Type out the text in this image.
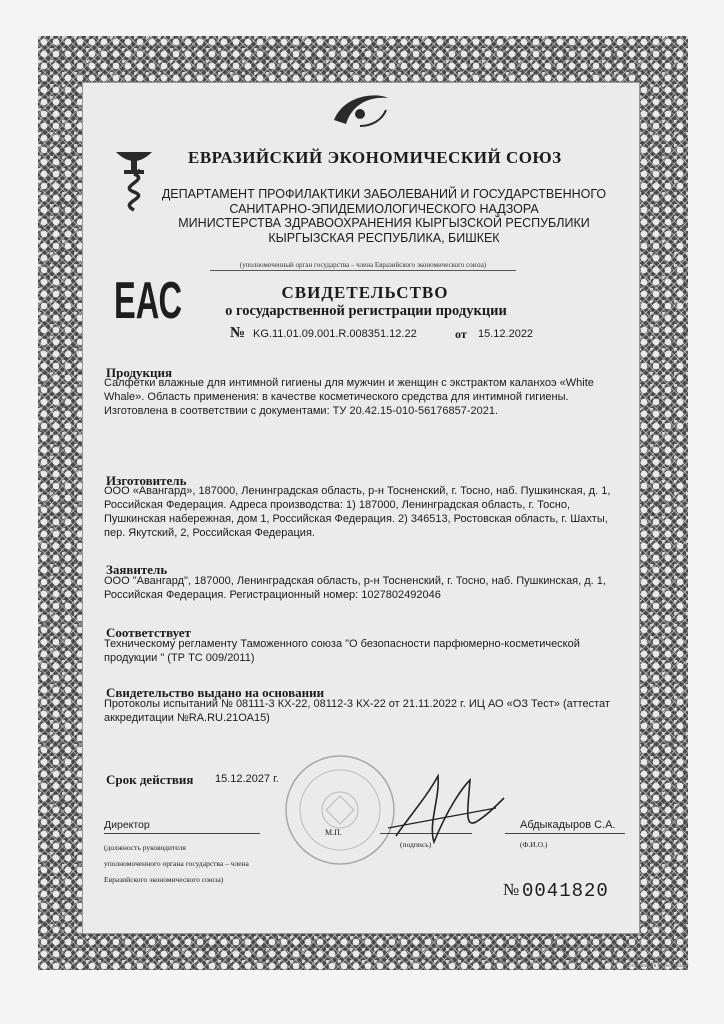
ЕВРАЗИЙСКИЙ ЭКОНОМИЧЕСКИЙ СОЮЗ
ДЕПАРТАМЕНТ ПРОФИЛАКТИКИ ЗАБОЛЕВАНИЙ И ГОСУДАРСТВЕННОГО
САНИТАРНО-ЭПИДЕМИОЛОГИЧЕСКОГО НАДЗОРА
МИНИСТЕРСТВА ЗДРАВООХРАНЕНИЯ КЫРГЫЗСКОЙ РЕСПУБЛИКИ
КЫРГЫЗСКАЯ РЕСПУБЛИКА, БИШКЕК
(уполномоченный орган государства – члена Евразийского экономического союза)
ЕАС	СВИДЕТЕЛЬСТВО
о государственной регистрации продукции
№ KG.11.01.09.001.R.008351.12.22	от 15.12.2022
Продукция
Салфетки влажные для интимной гигиены для мужчин и женщин с экстрактом каланхоэ «White Whale». Область применения: в качестве косметического средства для интимной гигиены. Изготовлена в соответствии с документами: ТУ 20.42.15-010-56176857-2021.
Изготовитель
ООО «Авангард», 187000, Ленинградская область, р-н Тосненский, г. Тосно, наб. Пушкинская, д. 1, Российская Федерация. Адреса производства: 1) 187000, Ленинградская область, г. Тосно, Пушкинская набережная, дом 1, Российская Федерация. 2) 346513, Ростовская область, г. Шахты, пер. Якутский, 2, Российская Федерация.
Заявитель
ООО "Авангард", 187000, Ленинградская область, р-н Тосненский, г. Тосно, наб. Пушкинская, д. 1, Российская Федерация. Регистрационный номер: 1027802492046
Соответствует
Техническому регламенту Таможенного союза "О безопасности парфюмерно-косметической продукции " (ТР ТС 009/2011)
Свидетельство выдано на основании
Протоколы испытаний № 08111-3 КХ-22, 08112-3 КХ-22 от 21.11.2022 г. ИЦ АО «ОЗ Тест» (аттестат аккредитации №RA.RU.21ОА15)
Срок действия 15.12.2027 г.
Директор
М.П.
Абдыкадыров С.А.
(должность руководителя
уполномоченного органа государства – члена
Евразийского экономического союза)
(подпись)	(Ф.И.О.)
№ 0041820
Отпечатано в ГОЗНАК 2022 г.
